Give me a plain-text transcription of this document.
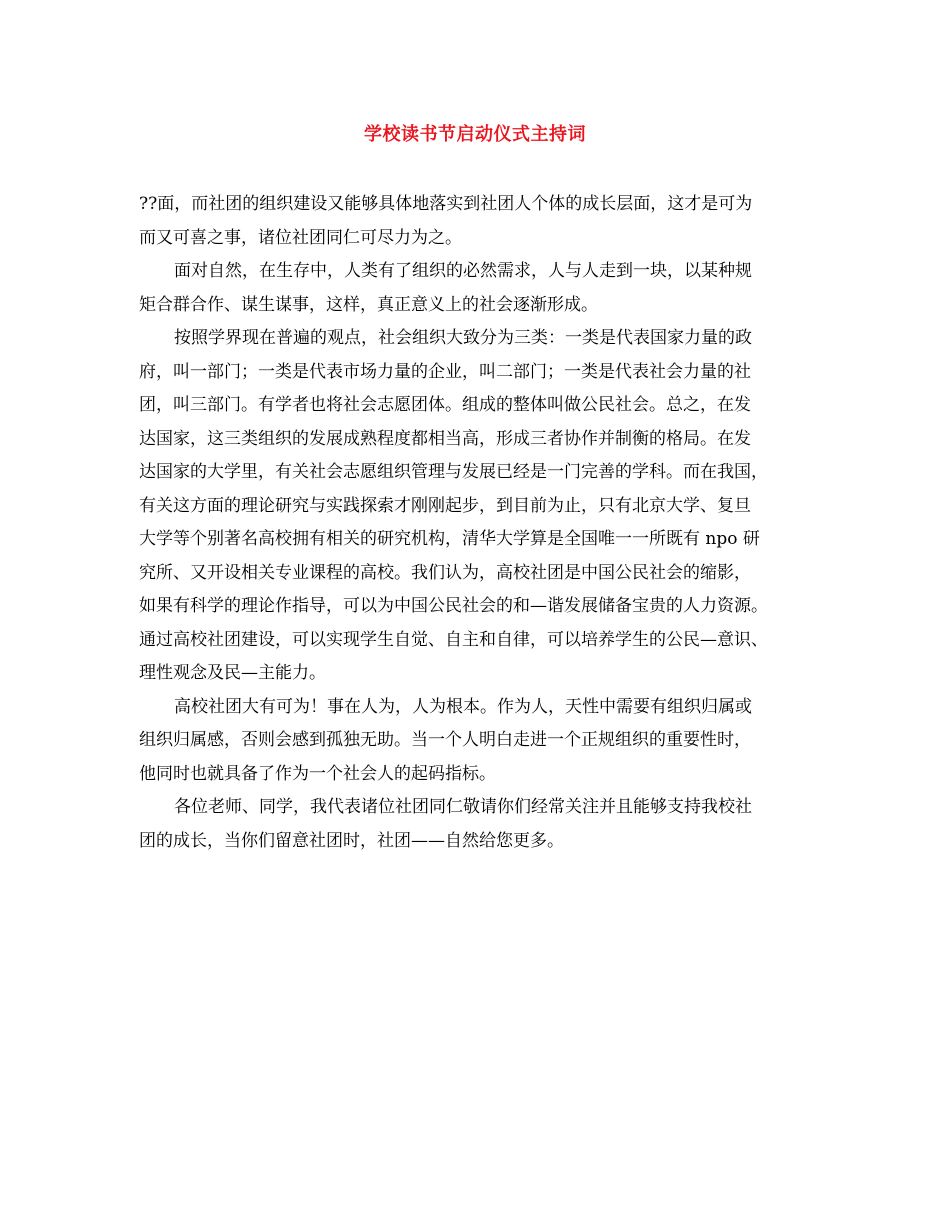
学校读书节启动仪式主持词
??面，而社团的组织建设又能够具体地落实到社团人个体的成长层面，这才是可为
而又可喜之事，诸位社团同仁可尽力为之。
面对自然，在生存中，人类有了组织的必然需求，人与人走到一块，以某种规
矩合群合作、谋生谋事，这样，真正意义上的社会逐渐形成。
按照学界现在普遍的观点，社会组织大致分为三类：一类是代表国家力量的政
府，叫一部门；一类是代表市场力量的企业，叫二部门；一类是代表社会力量的社
团，叫三部门。有学者也将社会志愿团体。组成的整体叫做公民社会。总之，在发
达国家，这三类组织的发展成熟程度都相当高，形成三者协作并制衡的格局。在发
达国家的大学里，有关社会志愿组织管理与发展已经是一门完善的学科。而在我国，
有关这方面的理论研究与实践探索才刚刚起步，到目前为止，只有北京大学、复旦
大学等个别著名高校拥有相关的研究机构，清华大学算是全国唯一一所既有 npo 研
究所、又开设相关专业课程的高校。我们认为，高校社团是中国公民社会的缩影，
如果有科学的理论作指导，可以为中国公民社会的和—谐发展储备宝贵的人力资源。
通过高校社团建设，可以实现学生自觉、自主和自律，可以培养学生的公民—意识、
理性观念及民—主能力。
高校社团大有可为！事在人为，人为根本。作为人，天性中需要有组织归属或
组织归属感，否则会感到孤独无助。当一个人明白走进一个正规组织的重要性时，
他同时也就具备了作为一个社会人的起码指标。
各位老师、同学，我代表诸位社团同仁敬请你们经常关注并且能够支持我校社
团的成长，当你们留意社团时，社团——自然给您更多。
